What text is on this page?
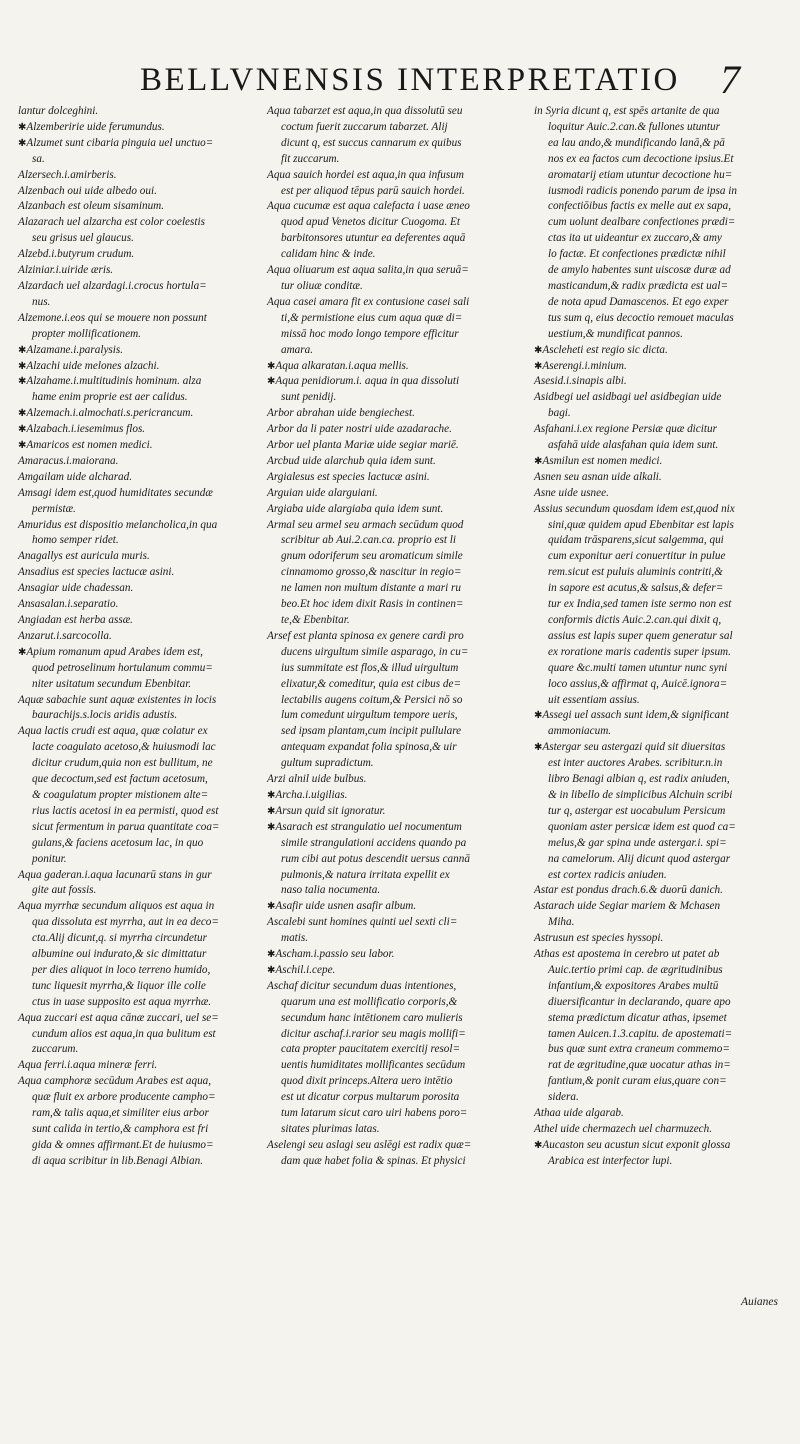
BELLVNENSIS INTERPRETATIO 7

lantur dolceghini.

✱ Alzemberirie uide ferumundus.

✱ Alzumet sunt cibaria pinguia uel unctuo=
sa.

Alzersech.i.amirberis.

Alzenbach oui uide albedo oui.

Alzanbach est oleum sisaminum.

Alazarach uel alzarcha est color coelestis
seu grisus uel glaucus.

Alzebd.i.butyrum crudum.

Alziniar.i.uiride æris.

Alzardach uel alzardagi.i.crocus hortula=
nus.

Alzemone.i.eos qui se mouere non possunt
propter mollificationem.

✱ Alzamane.i.paralysis.

✱ Alzachi uide melones alzachi.

✱ Alzahame.i.multitudinis hominum. alza
hame enim proprie est aer calidus.

✱ Alzemach.i.almochati.s.pericrancum.

✱ Alzabach.i.iesemimus flos.

✱ Amaricos est nomen medici.

Amaracus.i.maiorana.

Amgailam uide alcharad.

Amsagi idem est,quod humiditates secundæ
permistæ.

Amuridus est dispositio melancholica,in qua
homo semper ridet.

Anagallys est auricula muris.

Ansadius est species lactucæ asini.

Ansagiar uide chadessan.

Ansasalan.i.separatio.

Angiadan est herba assæ.

Anzarut.i.sarcocolla.

✱ Apium romanum apud Arabes idem est,
quod petroselinum hortulanum commu=
niter usitatum secundum Ebenbitar.

Aquæ sabachie sunt aquæ existentes in locis
baurachijs.s.locis aridis adustis.

Aqua lactis crudi est aqua, quæ colatur ex
lacte coagulato acetoso,& huiusmodi lac
dicitur crudum,quia non est bullitum, ne
que decoctum,sed est factum acetosum,
& coagulatum propter mistionem alte=
rius lactis acetosi in ea permisti, quod est
sicut fermentum in parua quantitate coa=
gulans,& faciens acetosum lac, in quo
ponitur.

Aqua gaderan.i.aqua lacunarū stans in gur
gite aut fossis.

Aqua myrrhæ secundum aliquos est aqua in
qua dissoluta est myrrha, aut in ea deco=
cta.Alij dicunt,q. si myrrha circundetur
albumine oui indurato,& sic dimittatur
per dies aliquot in loco terreno humido,
tunc liquesit myrrha,& liquor ille colle
ctus in uase supposito est aqua myrrhæ.

Aqua zuccari est aqua cānæ zuccari, uel se=
cundum alios est aqua,in qua bulitum est
zuccarum.

Aqua ferri.i.aqua mineræ ferri.

Aqua camphoræ secūdum Arabes est aqua,
quæ fluit ex arbore producente campho=
ram,& talis aqua,et similiter eius arbor
sunt calida in tertio,& camphora est fri
gida & omnes affirmant.Et de huiusmo=
di aqua scribitur in lib.Benagi Albian.

Aqua tabarzet est aqua,in qua dissolutū seu
coctum fuerit zuccarum tabarzet. Alij
dicunt q, est succus cannarum ex quibus
fit zuccarum.

Aqua sauich hordei est aqua,in qua infusum
est per aliquod tēpus parū sauich hordei.

Aqua cucumæ est aqua calefacta i uase æneo
quod apud Venetos dicitur Cuogoma. Et
barbitonsores utuntur ea deferentes aquā
calidam hinc & inde.

Aqua oliuarum est aqua salita,in qua seruā=
tur oliuæ conditæ.

Aqua casei amara fit ex contusione casei sali
ti,& permistione eius cum aqua quæ di=
missā hoc modo longo tempore efficitur
amara.

✱ Aqua alkaratan.i.aqua mellis.

✱ Aqua penidiorum.i. aqua in qua dissoluti
sunt penidij.

Arbor abrahan uide bengiechest.

Arbor da li pater nostri uide azadarache.

Arbor uel planta Mariæ uide segiar mariē.

Arcbud uide alarchub quia idem sunt.

Argialesus est species lactucæ asini.

Arguian uide alarguiani.

Argiaba uide alargiaba quia idem sunt.

Armal seu armel seu armach secūdum quod
scribitur ab Aui.2.can.ca. proprio est li
gnum odoriferum seu aromaticum simile
cinnamomo grosso,& nascitur in regio=
ne lamen non multum distante a mari ru
beo.Et hoc idem dixit Rasis in continen=
te,& Ebenbitar.

Arsef est planta spinosa ex genere cardi pro
ducens uirgultum simile asparago, in cu=
ius summitate est flos,& illud uirgultum
elixatur,& comeditur, quia est cibus de=
lectabilis augens coitum,& Persici nō so
lum comedunt uirgultum tempore ueris,
sed ipsam plantam,cum incipit pullulare
antequam expandat folia spinosa,& uir
gultum supradictum.

Arzi alnil uide bulbus.

✱ Archa.i.uigilias.

✱ Arsun quid sit ignoratur.

✱ Asarach est strangulatio uel nocumentum
simile strangulationi accidens quando pa
rum cibi aut potus descendit uersus cannā
pulmonis,& natura irritata expellit ex
naso talia nocumenta.

✱ Asafir uide usnen asafir album.

Ascalebi sunt homines quinti uel sexti cli=
matis.

✱ Ascham.i.passio seu labor.

✱ Aschil.i.cepe.

Aschaf dicitur secundum duas intentiones,
quarum una est mollificatio corporis,&
secundum hanc intētionem caro mulieris
dicitur aschaf.i.rarior seu magis mollifi=
cata propter paucitatem exercitij resol=
uentis humiditates mollificantes secūdum
quod dixit princeps.Altera uero intētio
est ut dicatur corpus multarum porosita
tum latarum sicut caro uiri habens poro=
sitates plurimas latas.

Aselengi seu aslagi seu aslēgi est radix quæ=
dam quæ habet folia & spinas. Et physici

in Syria dicunt q, est spēs artanite de qua
loquitur Auic.2.can.& fullones utuntur
ea lau ando,& mundificando lanā,& pā
nos ex ea factos cum decoctione ipsius.Et
aromatarij etiam utuntur decoctione hu=
iusmodi radicis ponendo parum de ipsa in
confectiōibus factis ex melle aut ex sapa,
cum uolunt dealbare confectiones prædi=
ctas ita ut uideantur ex zuccaro,& amy
lo factæ. Et confectiones prædictæ nihil
de amylo habentes sunt uiscosæ duræ ad
masticandum,& radix prædicta est ual=
de nota apud Damascenos. Et ego exper
tus sum q, eius decoctio remouet maculas
uestium,& mundificat pannos.

✱ Ascleheti est regio sic dicta.

✱ Aserengi.i.minium.

Asesid.i.sinapis albi.

Asidbegi uel asidbagi uel asidbegian uide
bagi.

Asfahani.i.ex regione Persiæ quæ dicitur
asfahā uide alasfahan quia idem sunt.

✱ Asmilun est nomen medici.

Asnen seu asnan uide alkali.

Asne uide usnee.

Assius secundum quosdam idem est,quod nix
sini,quæ quidem apud Ebenbitar est lapis
quidam trāsparens,sicut salgemma, qui
cum exponitur aeri conuertitur in pulue
rem.sicut est puluis aluminis contriti,&
in sapore est acutus,& salsus,& defer=
tur ex India,sed tamen iste sermo non est
conformis dictis Auic.2.can.qui dixit q,
assius est lapis super quem generatur sal
ex roratione maris cadentis super ipsum.
quare &c.multi tamen utuntur nunc syni
loco assius,& affirmat q, Auicē.ignora=
uit essentiam assius.

✱ Assegi uel assach sunt idem,& significant
ammoniacum.

✱ Astergar seu astergazi quid sit diuersitas
est inter auctores Arabes. scribitur.n.in
libro Benagi albian q, est radix aniuden,
& in libello de simplicibus Alchuin scribi
tur q, astergar est uocabulum Persicum
quoniam aster persicæ idem est quod ca=
melus,& gar spina unde astergar.i. spi=
na camelorum. Alij dicunt quod astergar
est cortex radicis aniuden.

Astar est pondus drach.6.& duorū danich.

Astarach uide Segiar mariem & Mchasen
Miha.

Astrusun est species hyssopi.

Athas est apostema in cerebro ut patet ab
Auic.tertio primi cap. de ægritudinibus
infantium,& expositores Arabes multū
diuersificantur in declarando, quare apo
stema prædictum dicatur athas, ipsemet
tamen Auicen.1.3.capitu. de apostemati=
bus quæ sunt extra craneum commemo=
rat de ægritudine,quæ uocatur athas in=
fantium,& ponit curam eius,quare con=
sidera.

Athaa uide algarab.

Athel uide chermazech uel charmuzech.

✱ Aucaston seu acustun sicut exponit glossa
Arabica est interfector lupi.

Auianes
